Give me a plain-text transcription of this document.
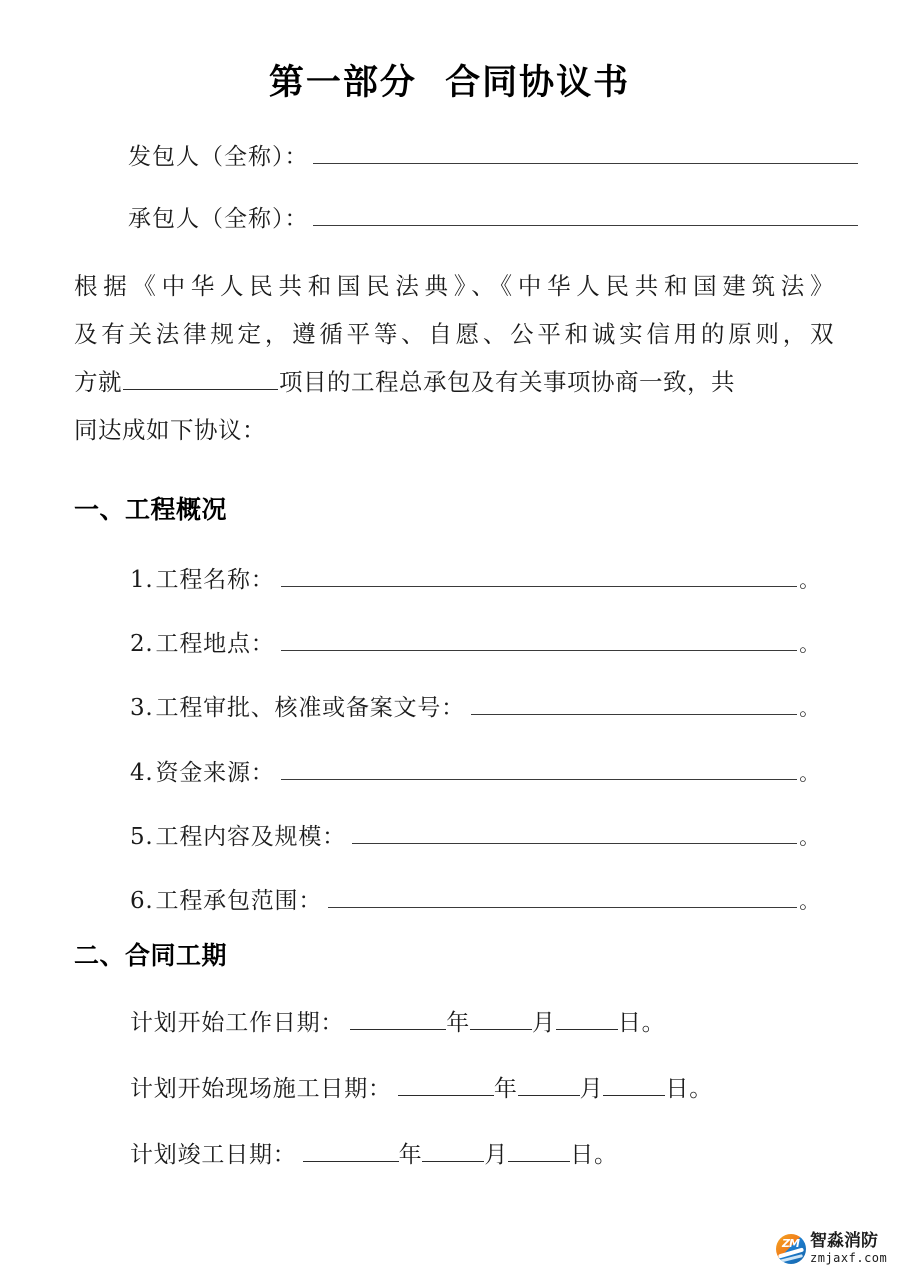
第一部分  合同协议书
发包人（全称）：
承包人（全称）：
根据《中华人民共和国民法典》、《中华人民共和国建筑法》
及有关法律规定，遵循平等、自愿、公平和诚实信用的原则，双
方就	项目的工程总承包及有关事项协商一致，共
同达成如下协议：
一、工程概况
1. 工程名称：	。
2. 工程地点：	。
3. 工程审批、核准或备案文号：	。
4. 资金来源：	。
5. 工程内容及规模：	。
6. 工程承包范围：	。
二、合同工期
计划开始工作日期：	年	月	日。
计划开始现场施工日期：	年	月	日。
计划竣工日期：	年	月	日。
ZM 智淼消防
zmjaxf.com
